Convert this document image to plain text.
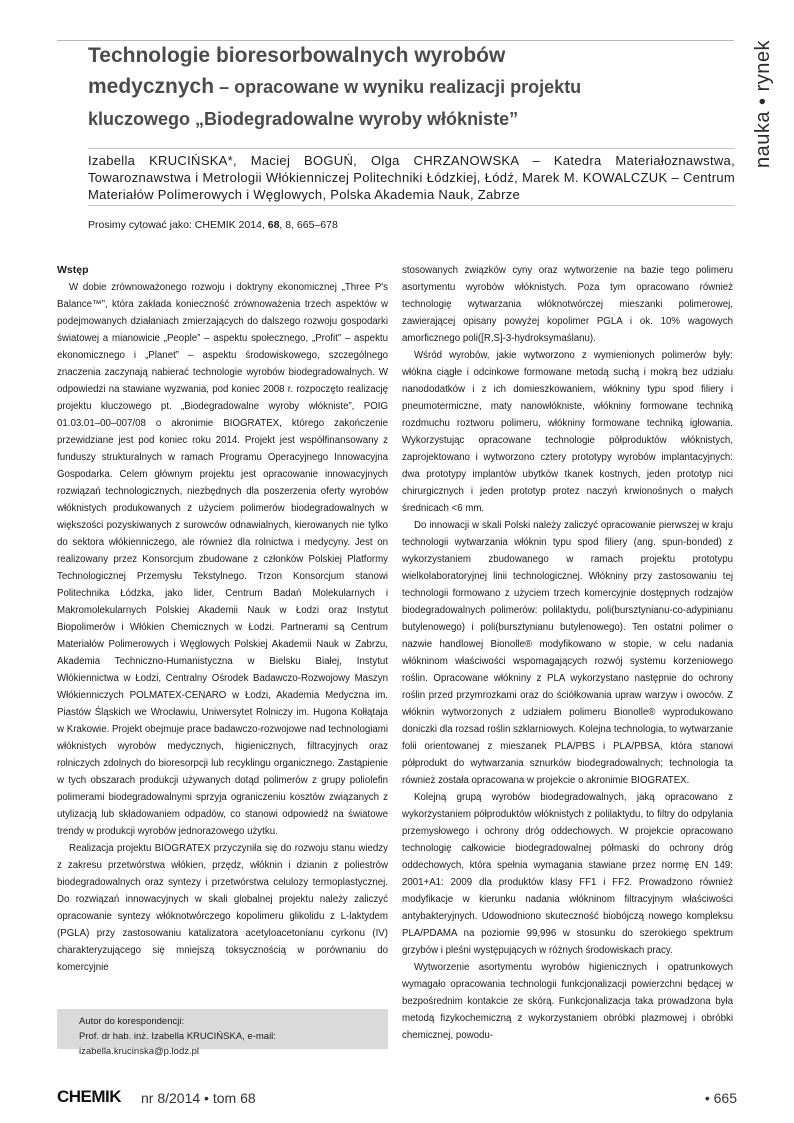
Technologie bioresorbowalnych wyrobów
medycznych – opracowane w wyniku realizacji projektu
kluczowego „Biodegradowalne wyroby włókniste”	nauka • rynek
Izabella KRUCIŃSKA*, Maciej BOGUŃ, Olga CHRZANOWSKA – Katedra Materiałoznawstwa, Towaroznawstwa i Metrologii Włókienniczej Politechniki Łódzkiej, Łódź, Marek M. KOWALCZUK – Centrum Materiałów Polimerowych i Węglowych, Polska Akademia Nauk, Zabrze
Prosimy cytować jako: CHEMIK 2014, 68, 8, 665–678

Wstęp

W dobie zrównoważonego rozwoju i doktryny ekonomicznej „Three P's Balance™”, która zakłada konieczność zrównoważenia trzech aspektów w podejmowanych działaniach zmierzających do dalszego rozwoju gospodarki światowej a mianowicie „People” – aspektu społecznego, „Profit” – aspektu ekonomicznego i „Planet” – aspektu środowiskowego, szczególnego znaczenia zaczynają nabierać technologie wyrobów biodegradowalnych. W odpowiedzi na stawiane wyzwania, pod koniec 2008 r. rozpoczęto realizację projektu kluczowego pt. „Biodegradowalne wyroby włókniste”, POIG 01.03.01–00–007/08 o akronimie BIOGRATEX, którego zakończenie przewidziane jest pod koniec roku 2014. Projekt jest współfinansowany z funduszy strukturalnych w ramach Programu Operacyjnego Innowacyjna Gospodarka. Celem głównym projektu jest opracowanie innowacyjnych rozwiązań technologicznych, niezbędnych dla poszerzenia oferty wyrobów włóknistych produkowanych z użyciem polimerów biodegradowalnych w większości pozyskiwanych z surowców odnawialnych, kierowanych nie tylko do sektora włókienniczego, ale również dla rolnictwa i medycyny. Jest on realizowany przez Konsorcjum zbudowane z członków Polskiej Platformy Technologicznej Przemysłu Tekstylnego. Trzon Konsorcjum stanowi Politechnika Łódzka, jako lider, Centrum Badań Molekularnych i Makromolekularnych Polskiej Akademii Nauk w Łodzi oraz Instytut Biopolimerów i Włókien Chemicznych w Łodzi. Partnerami są Centrum Materiałów Polimerowych i Węglowych Polskiej Akademii Nauk w Zabrzu, Akademia Techniczno-Humanistyczna w Bielsku Białej, Instytut Włókiennictwa w Łodzi, Centralny Ośrodek Badawczo-Rozwojowy Maszyn Włókienniczych POLMATEX-CENARO w Łodzi, Akademia Medyczna im. Piastów Śląskich we Wrocławiu, Uniwersytet Rolniczy im. Hugona Kołłątaja w Krakowie. Projekt obejmuje prace badawczo-rozwojowe nad technologiami włóknistych wyrobów medycznych, higienicznych, filtracyjnych oraz rolniczych zdolnych do bioresorpcji lub recyklingu organicznego. Zastąpienie w tych obszarach produkcji używanych dotąd polimerów z grupy poliolefin polimerami biodegradowalnymi sprzyja ograniczeniu kosztów związanych z utylizacją lub składowaniem odpadów, co stanowi odpowiedź na światowe trendy w produkcji wyrobów jednorazowego użytku.

Realizacja projektu BIOGRATEX przyczyniła się do rozwoju stanu wiedzy z zakresu przetwórstwa włókien, przędz, włóknin i dzianin z poliestrów biodegradowalnych oraz syntezy i przetwórstwa celulozy termoplastycznej. Do rozwiązań innowacyjnych w skali globalnej projektu należy zaliczyć opracowanie syntezy włóknotwórczego kopolimeru glikolidu z L-laktydem (PGLA) przy zastosowaniu katalizatora acetyloacetonianu cyrkonu (IV) charakteryzującego się mniejszą toksycznością w porównaniu do komercyjnie

Autor do korespondencji:
Prof. dr hab. inż. Izabella KRUCIŃSKA, e-mail: izabella.krucinska@p.lodz.pl

stosowanych związków cyny oraz wytworzenie na bazie tego polimeru asortymentu wyrobów włóknistych. Poza tym opracowano również technologię wytwarzania włóknotwórczej mieszanki polimerowej, zawierającej opisany powyżej kopolimer PGLA i ok. 10% wagowych amorficznego poli([R,S]-3-hydroksymaślanu).

Wśród wyrobów, jakie wytworzono z wymienionych polimerów były: włókna ciągłe i odcinkowe formowane metodą suchą i mokrą bez udziału nanododatków i z ich domieszkowaniem, włókniny typu spod filiery i pneumotermiczne, maty nanowłókniste, włókniny formowane techniką rozdmuchu roztworu polimeru, włókniny formowane techniką igłowania. Wykorzystując opracowane technologie półproduktów włóknistych, zaprojektowano i wytworzono cztery prototypy wyrobów implantacyjnych: dwa prototypy implantów ubytków tkanek kostnych, jeden prototyp nici chirurgicznych i jeden prototyp protez naczyń krwionośnych o małych średnicach <6 mm.

Do innowacji w skali Polski należy zaliczyć opracowanie pierwszej w kraju technologii wytwarzania włóknin typu spod filiery (ang. spun-bonded) z wykorzystaniem zbudowanego w ramach projektu prototypu wielkolaboratoryjnej linii technologicznej. Włókniny przy zastosowaniu tej technologii formowano z użyciem trzech komercyjnie dostępnych rodzajów biodegradowalnych polimerów: polilaktydu, poli(bursztynianu-co-adypinianu butylenowego) i poli(bursztynianu butylenowego). Ten ostatni polimer o nazwie handlowej Bionolle® modyfikowano w stopie, w celu nadania włókninom właściwości wspomagających rozwój systemu korzeniowego roślin. Opracowane włókniny z PLA wykorzystano następnie do ochrony roślin przed przymrozkami oraz do ściółkowania upraw warzyw i owoców. Z włóknin wytworzonych z udziałem polimeru Bionolle® wyprodukowano doniczki dla rozsad roślin szklarniowych. Kolejna technologia, to wytwarzanie folii orientowanej z mieszanek PLA/PBS i PLA/PBSA, która stanowi półprodukt do wytwarzania sznurków biodegradowalnych; technologia ta również została opracowana w projekcie o akronimie BIOGRATEX.

Kolejną grupą wyrobów biodegradowalnych, jaką opracowano z wykorzystaniem półproduktów włóknistych z polilaktydu, to filtry do odpylania przemysłowego i ochrony dróg oddechowych. W projekcie opracowano technologię całkowicie biodegradowalnej półmaski do ochrony dróg oddechowych, która spełnia wymagania stawiane przez normę EN 149: 2001+A1: 2009 dla produktów klasy FF1 i FF2. Prowadzono również modyfikacje w kierunku nadania włókninom filtracyjnym właściwości antybakteryjnych. Udowodniono skuteczność biobójczą nowego kompleksu PLA/PDAMA na poziomie 99,996 w stosunku do szerokiego spektrum grzybów i pleśni występujących w różnych środowiskach pracy.

Wytworzenie asortymentu wyrobów higienicznych i opatrunkowych wymagało opracowania technologii funkcjonalizacji powierzchni będącej w bezpośrednim kontakcie ze skórą. Funkcjonalizacja taka prowadzona była metodą fizykochemiczną z wykorzystaniem obróbki plazmowej i obróbki chemicznej, powodu-

CHEMIK nr 8/2014 • tom 68	• 665
